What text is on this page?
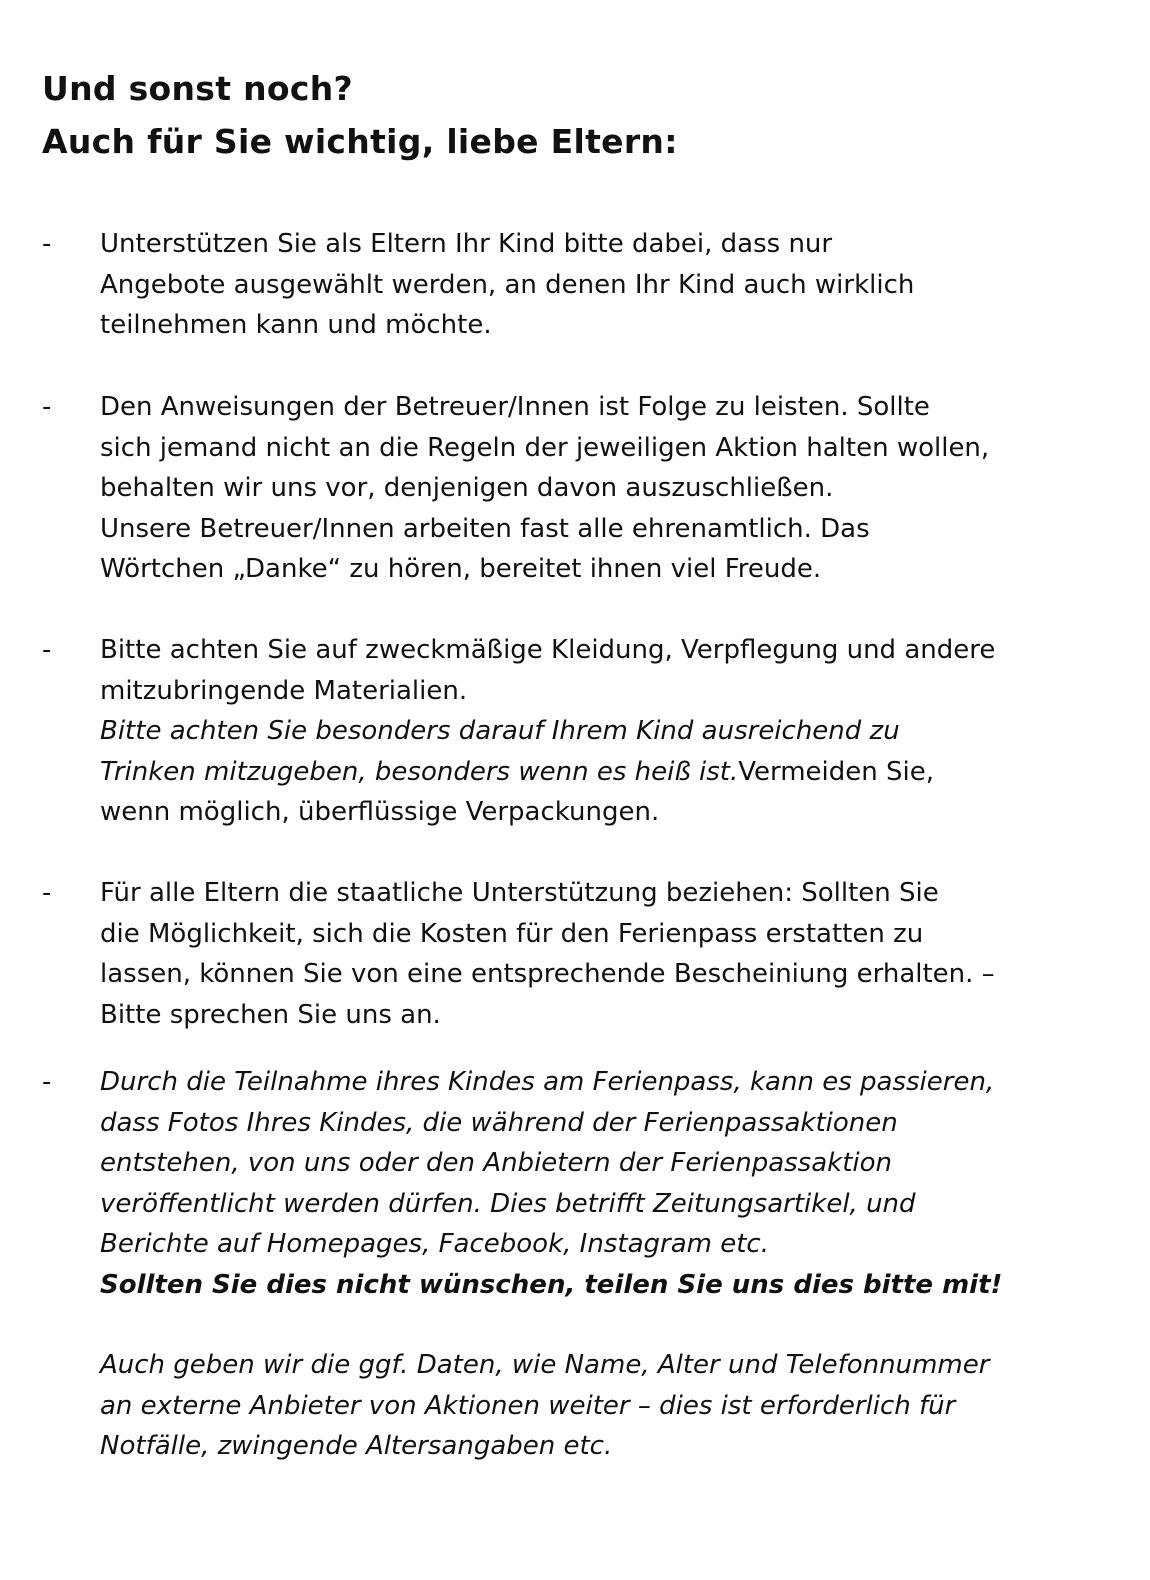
Und sonst noch?
Auch für Sie wichtig, liebe Eltern:
- Unterstützen Sie als Eltern Ihr Kind bitte dabei, dass nur
Angebote ausgewählt werden, an denen Ihr Kind auch wirklich
teilnehmen kann und möchte.
- Den Anweisungen der Betreuer/Innen ist Folge zu leisten. Sollte
sich jemand nicht an die Regeln der jeweiligen Aktion halten wollen,
behalten wir uns vor, denjenigen davon auszuschließen.
Unsere Betreuer/Innen arbeiten fast alle ehrenamtlich. Das
Wörtchen „Danke“ zu hören, bereitet ihnen viel Freude.
- Bitte achten Sie auf zweckmäßige Kleidung, Verpflegung und andere
mitzubringende Materialien.
Bitte achten Sie besonders darauf Ihrem Kind ausreichend zu
Trinken mitzugeben, besonders wenn es heiß ist.Vermeiden Sie,
wenn möglich, überflüssige Verpackungen.
- Für alle Eltern die staatliche Unterstützung beziehen: Sollten Sie
die Möglichkeit, sich die Kosten für den Ferienpass erstatten zu
lassen, können Sie von eine entsprechende Bescheiniung erhalten. –
Bitte sprechen Sie uns an.
- Durch die Teilnahme ihres Kindes am Ferienpass, kann es passieren,
dass Fotos Ihres Kindes, die während der Ferienpassaktionen
entstehen, von uns oder den Anbietern der Ferienpassaktion
veröffentlicht werden dürfen. Dies betrifft Zeitungsartikel, und
Berichte auf Homepages, Facebook, Instagram etc.
Sollten Sie dies nicht wünschen, teilen Sie uns dies bitte mit!
Auch geben wir die ggf. Daten, wie Name, Alter und Telefonnummer
an externe Anbieter von Aktionen weiter – dies ist erforderlich für
Notfälle, zwingende Altersangaben etc.
